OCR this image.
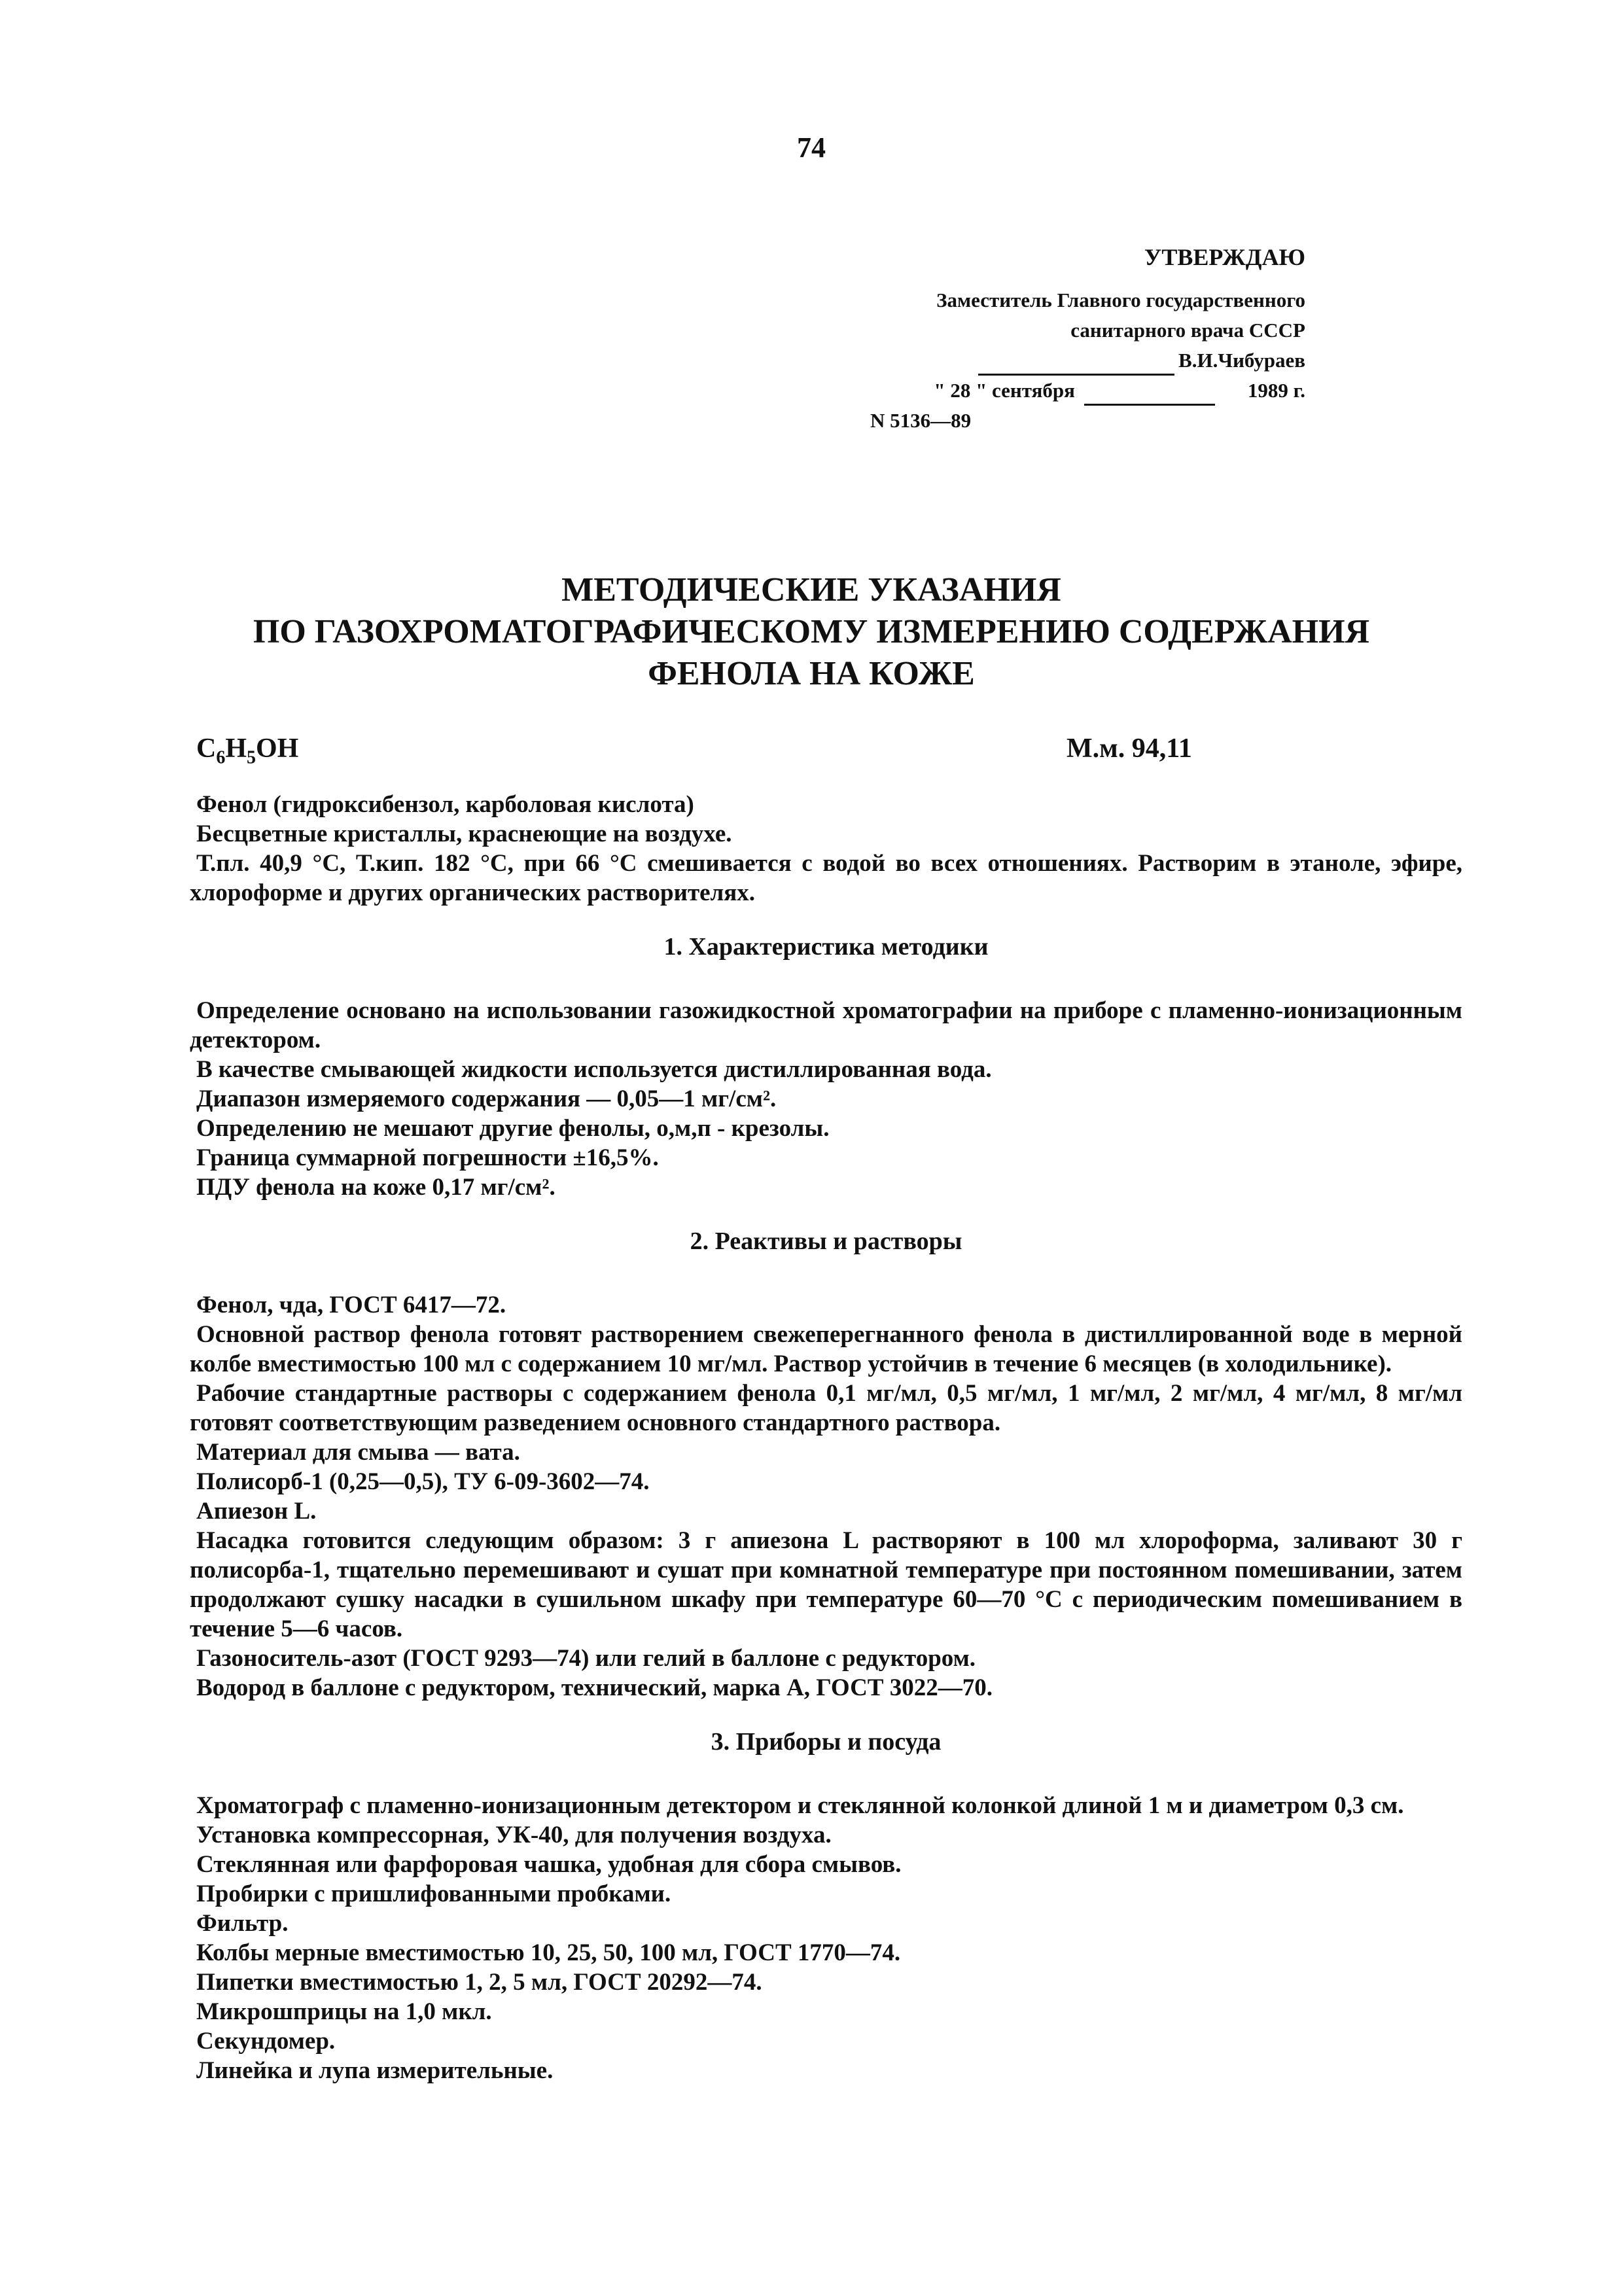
74
УТВЕРЖДАЮ
Заместитель Главного государственного
санитарного врача СССР
В.И.Чибураев
" 28 " сентября	1989 г.
N 5136—89
МЕТОДИЧЕСКИЕ УКАЗАНИЯ
ПО ГАЗОХРОМАТОГРАФИЧЕСКОМУ ИЗМЕРЕНИЮ СОДЕРЖАНИЯ
ФЕНОЛА НА КОЖЕ
$C_6H_5OH$	М.м. 94,11

Фенол (гидроксибензол, карболовая кислота)

Бесцветные кристаллы, краснеющие на воздухе.

Т.пл. 40,9 °С, Т.кип. 182 °С, при 66 °С смешивается с водой во всех отношениях. Растворим в этаноле, эфире, хлороформе и других органических растворителях.

1. Характеристика методики

Определение основано на использовании газожидкостной хроматографии на приборе с пламенно-ионизационным детектором.

В качестве смывающей жидкости используется дистиллированная вода.

Диапазон измеряемого содержания — 0,05—1 мг/см².

Определению не мешают другие фенолы, о,м,п - крезолы.

Граница суммарной погрешности ±16,5%.

ПДУ фенола на коже 0,17 мг/см².

2. Реактивы и растворы

Фенол, чда, ГОСТ 6417—72.

Основной раствор фенола готовят растворением свежеперегнанного фенола в дистиллированной воде в мерной колбе вместимостью 100 мл с содержанием 10 мг/мл. Раствор устойчив в течение 6 месяцев (в холодильнике).

Рабочие стандартные растворы с содержанием фенола 0,1 мг/мл, 0,5 мг/мл, 1 мг/мл, 2 мг/мл, 4 мг/мл, 8 мг/мл готовят соответствующим разведением основного стандартного раствора.

Материал для смыва — вата.

Полисорб-1 (0,25—0,5), ТУ 6-09-3602—74.

Апиезон L.

Насадка готовится следующим образом: 3 г апиезона L растворяют в 100 мл хлороформа, заливают 30 г полисорба-1, тщательно перемешивают и сушат при комнатной температуре при постоянном помешивании, затем продолжают сушку насадки в сушильном шкафу при температуре 60—70 °С с периодическим помешиванием в течение 5—6 часов.

Газоноситель-азот (ГОСТ 9293—74) или гелий в баллоне с редуктором.

Водород в баллоне с редуктором, технический, марка А, ГОСТ 3022—70.

3. Приборы и посуда

Хроматограф с пламенно-ионизационным детектором и стеклянной колонкой длиной 1 м и диаметром 0,3 см.

Установка компрессорная, УК-40, для получения воздуха.

Стеклянная или фарфоровая чашка, удобная для сбора смывов.

Пробирки с пришлифованными пробками.

Фильтр.

Колбы мерные вместимостью 10, 25, 50, 100 мл, ГОСТ 1770—74.

Пипетки вместимостью 1, 2, 5 мл, ГОСТ 20292—74.

Микрошприцы на 1,0 мкл.

Секундомер.

Линейка и лупа измерительные.
